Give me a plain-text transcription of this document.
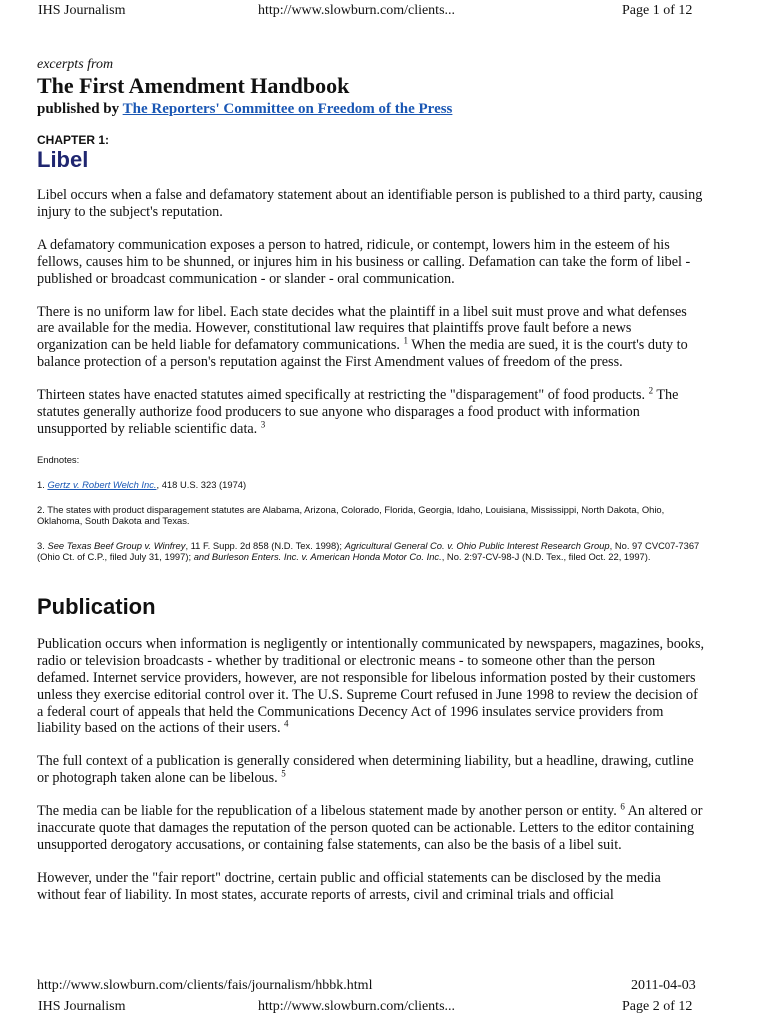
IHS Journalism	http://www.slowburn.com/clients...	Page 1 of 12

excerpts from

The First Amendment Handbook

published by The Reporters' Committee on Freedom of the Press

CHAPTER 1:

Libel

Libel occurs when a false and defamatory statement about an identifiable person is published to a third party, causing injury to the subject's reputation.

A defamatory communication exposes a person to hatred, ridicule, or contempt, lowers him in the esteem of his fellows, causes him to be shunned, or injures him in his business or calling. Defamation can take the form of libel - published or broadcast communication - or slander - oral communication.

There is no uniform law for libel. Each state decides what the plaintiff in a libel suit must prove and what defenses are available for the media. However, constitutional law requires that plaintiffs prove fault before a news organization can be held liable for defamatory communications. $^1$ When the media are sued, it is the court's duty to balance protection of a person's reputation against the First Amendment values of freedom of the press.

Thirteen states have enacted statutes aimed specifically at restricting the "disparagement" of food products. $^2$ The statutes generally authorize food producers to sue anyone who disparages a food product with information unsupported by reliable scientific data. $^3$

Endnotes:

1. Gertz v. Robert Welch Inc., 418 U.S. 323 (1974)

2. The states with product disparagement statutes are Alabama, Arizona, Colorado, Florida, Georgia, Idaho, Louisiana, Mississippi, North Dakota, Ohio, Oklahoma, South Dakota and Texas.

3. See Texas Beef Group v. Winfrey, 11 F. Supp. 2d 858 (N.D. Tex. 1998); Agricultural General Co. v. Ohio Public Interest Research Group, No. 97 CVC07-7367 (Ohio Ct. of C.P., filed July 31, 1997); and Burleson Enters. Inc. v. American Honda Motor Co. Inc., No. 2:97-CV-98-J (N.D. Tex., filed Oct. 22, 1997).

Publication

Publication occurs when information is negligently or intentionally communicated by newspapers, magazines, books, radio or television broadcasts - whether by traditional or electronic means - to someone other than the person defamed. Internet service providers, however, are not responsible for libelous information posted by their customers unless they exercise editorial control over it. The U.S. Supreme Court refused in June 1998 to review the decision of a federal court of appeals that held the Communications Decency Act of 1996 insulates service providers from liability based on the actions of their users. $^4$

The full context of a publication is generally considered when determining liability, but a headline, drawing, cutline or photograph taken alone can be libelous. $^5$

The media can be liable for the republication of a libelous statement made by another person or entity. $^6$ An altered or inaccurate quote that damages the reputation of the person quoted can be actionable. Letters to the editor containing unsupported derogatory accusations, or containing false statements, can also be the basis of a libel suit.

However, under the "fair report" doctrine, certain public and official statements can be disclosed by the media without fear of liability. In most states, accurate reports of arrests, civil and criminal trials and official

http://www.slowburn.com/clients/fais/journalism/hbbk.html	2011-04-03
IHS Journalism	http://www.slowburn.com/clients...	Page 2 of 12
